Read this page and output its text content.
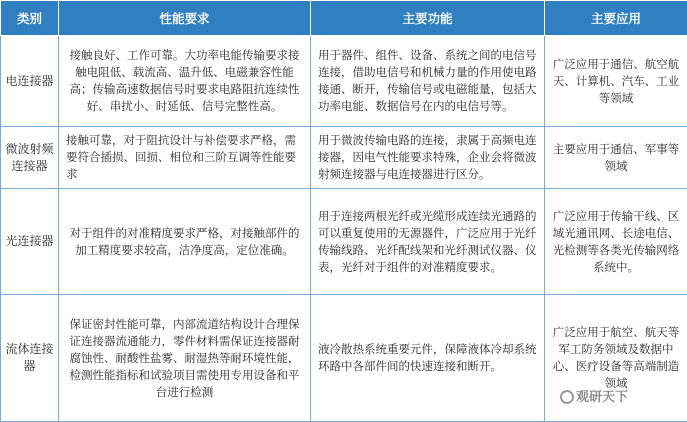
类别	性能要求	主要功能	主要应用
电连接器	接触良好、工作可靠。大功率电能传输要求接触电阻低、载流高、温升低、电磁兼容性能高；传输高速数据信号时要求电路阻抗连续性好、串扰小、时延低、信号完整性高。	用于器件、组件、设备、系统之间的电信号连接，借助电信号和机械力量的作用使电路接通、断开，传输信号或电磁能量，包括大功率电能、数据信号在内的电信号等。	广泛应用于通信、航空航天、计算机、汽车、工业等领域
微波射频连接器	接触可靠，对于阻抗设计与补偿要求严格，需要符合插损、回损、相位和三阶互调等性能要求	用于微波传输电路的连接，隶属于高频电连接器，因电气性能要求特殊，企业会将微波射频连接器与电连接器进行区分。	主要应用于通信、军事等领域
光连接器	对于组件的对准精度要求严格，对接触部件的加工精度要求较高，洁净度高，定位准确。	用于连接两根光纤或光缆形成连续光通路的可以重复使用的无源器件，广泛应用于光纤传输线路、光纤配线架和光纤测试仪器、仪表，光纤对于组件的对准精度要求。	广泛应用于传输干线、区域光通讯网、长途电信、光检测等各类光传输网络系统中。
流体连接器	保证密封性能可靠，内部流道结构设计合理保证连接器流通能力，零件材料需保证连接器耐腐蚀性、耐酸性盐雾、耐湿热等耐环境性能，检测性能指标和试验项目需使用专用设备和平台进行检测	液冷散热系统重要元件，保障液体冷却系统环路中各部件间的快速连接和断开。	广泛应用于航空、航天等军工防务领域及数据中心、医疗设备等高端制造领域
观研天下
